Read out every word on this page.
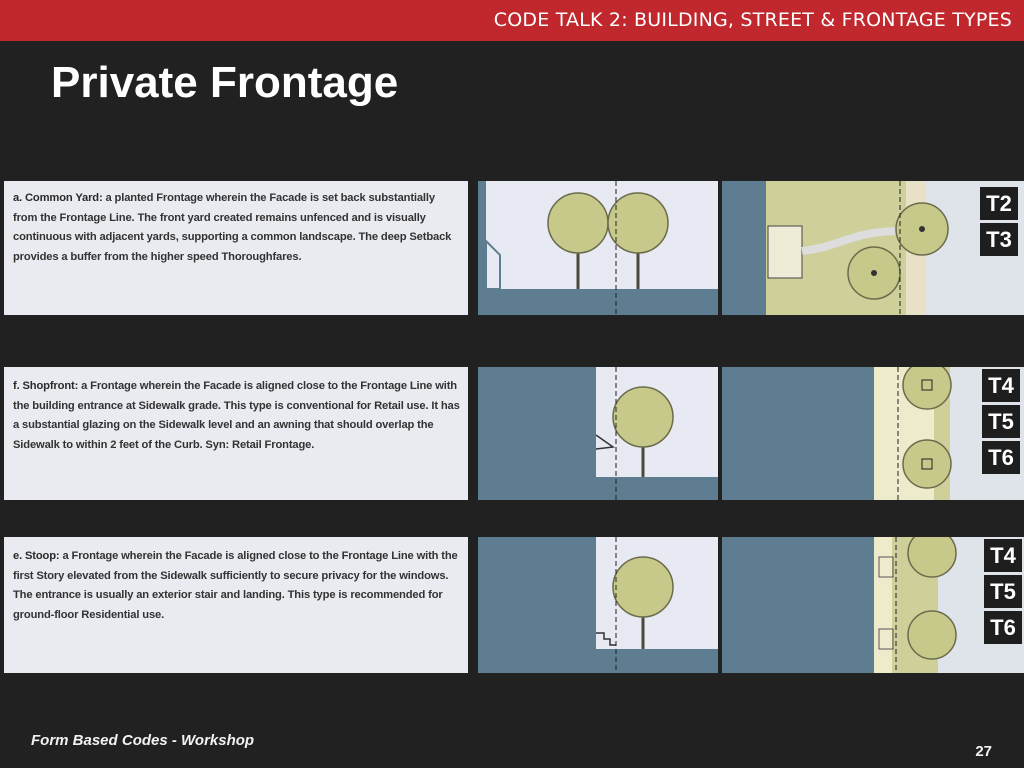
CODE TALK 2: BUILDING, STREET & FRONTAGE TYPES
Private Frontage

a. Common Yard: a planted Frontage wherein the Facade is set back substantially from the Frontage Line. The front yard created remains unfenced and is visually continuous with adjacent yards, supporting a common landscape. The deep Setback provides a buffer from the higher speed Thoroughfares.

T2
T3

f. Shopfront: a Frontage wherein the Facade is aligned close to the Frontage Line with the building entrance at Sidewalk grade. This type is conventional for Retail use. It has a substantial glazing on the Sidewalk level and an awning that should overlap the Sidewalk to within 2 feet of the Curb. Syn: Retail Frontage.

T4
T5
T6

e. Stoop: a Frontage wherein the Facade is aligned close to the Frontage Line with the first Story elevated from the Sidewalk sufficiently to secure privacy for the windows. The entrance is usually an exterior stair and landing. This type is recommended for ground-floor Residential use.

T4
T5
T6
Form Based Codes - Workshop
27
